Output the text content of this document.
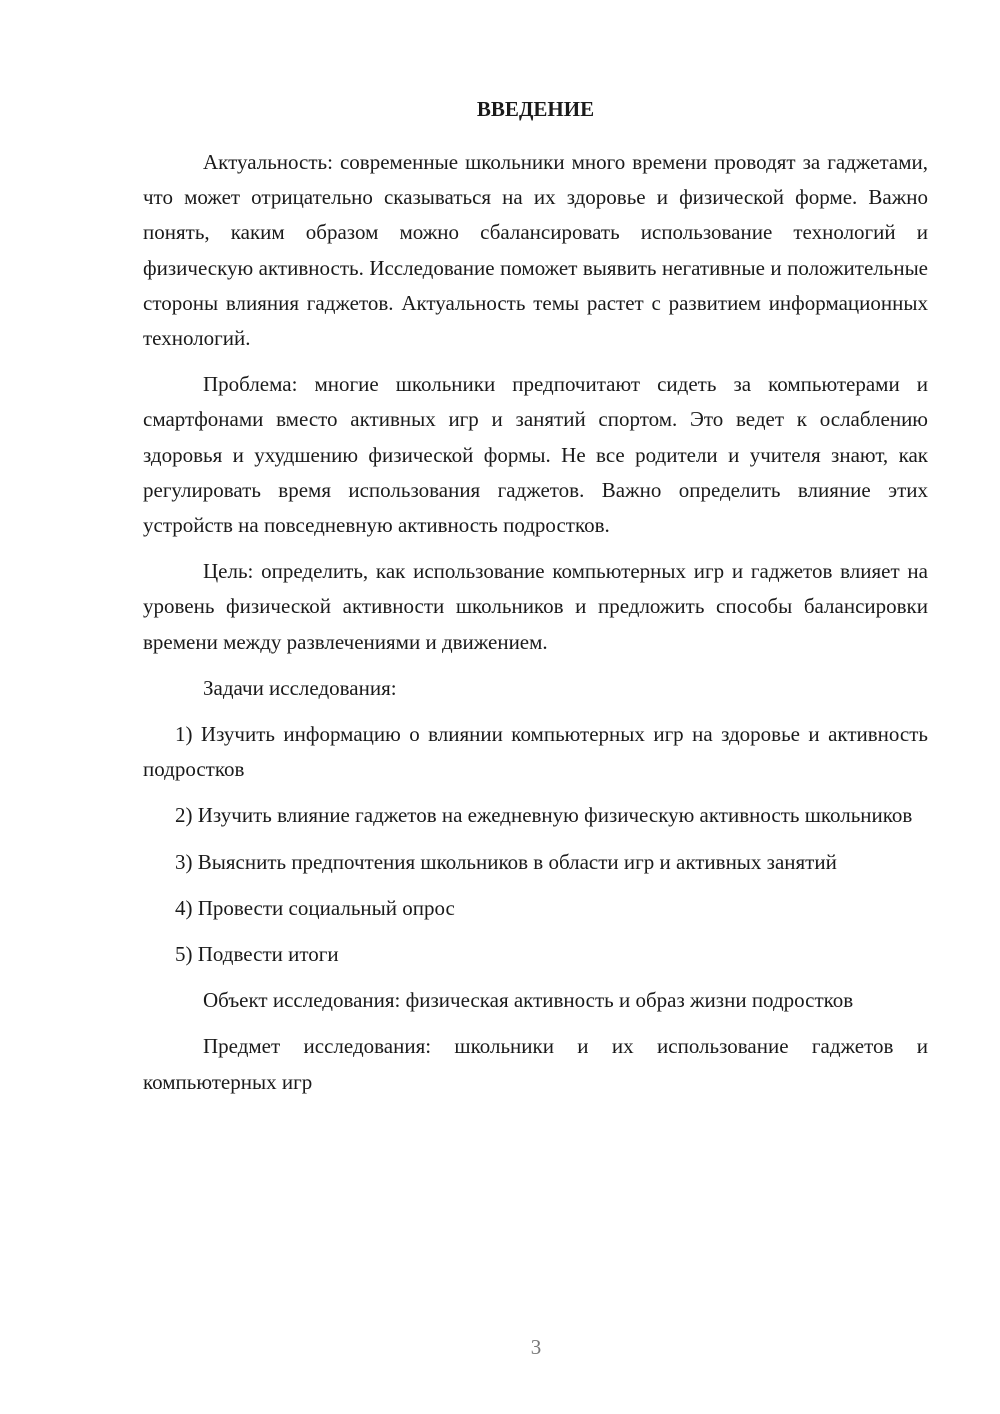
ВВЕДЕНИЕ

Актуальность: современные школьники много времени проводят за гаджетами, что может отрицательно сказываться на их здоровье и физической форме. Важно понять, каким образом можно сбалансировать использование технологий и физическую активность. Исследование поможет выявить негативные и положительные стороны влияния гаджетов. Актуальность темы растет с развитием информационных технологий.

Проблема: многие школьники предпочитают сидеть за компьютерами и смартфонами вместо активных игр и занятий спортом. Это ведет к ослаблению здоровья и ухудшению физической формы. Не все родители и учителя знают, как регулировать время использования гаджетов. Важно определить влияние этих устройств на повседневную активность подростков.

Цель: определить, как использование компьютерных игр и гаджетов влияет на уровень физической активности школьников и предложить способы балансировки времени между развлечениями и движением.

Задачи исследования:

1) Изучить информацию о влиянии компьютерных игр на здоровье и активность подростков

2) Изучить влияние гаджетов на ежедневную физическую активность школьников

3) Выяснить предпочтения школьников в области игр и активных занятий

4) Провести социальный опрос

5) Подвести итоги

Объект исследования: физическая активность и образ жизни подростков

Предмет исследования: школьники и их использование гаджетов и компьютерных игр

3
